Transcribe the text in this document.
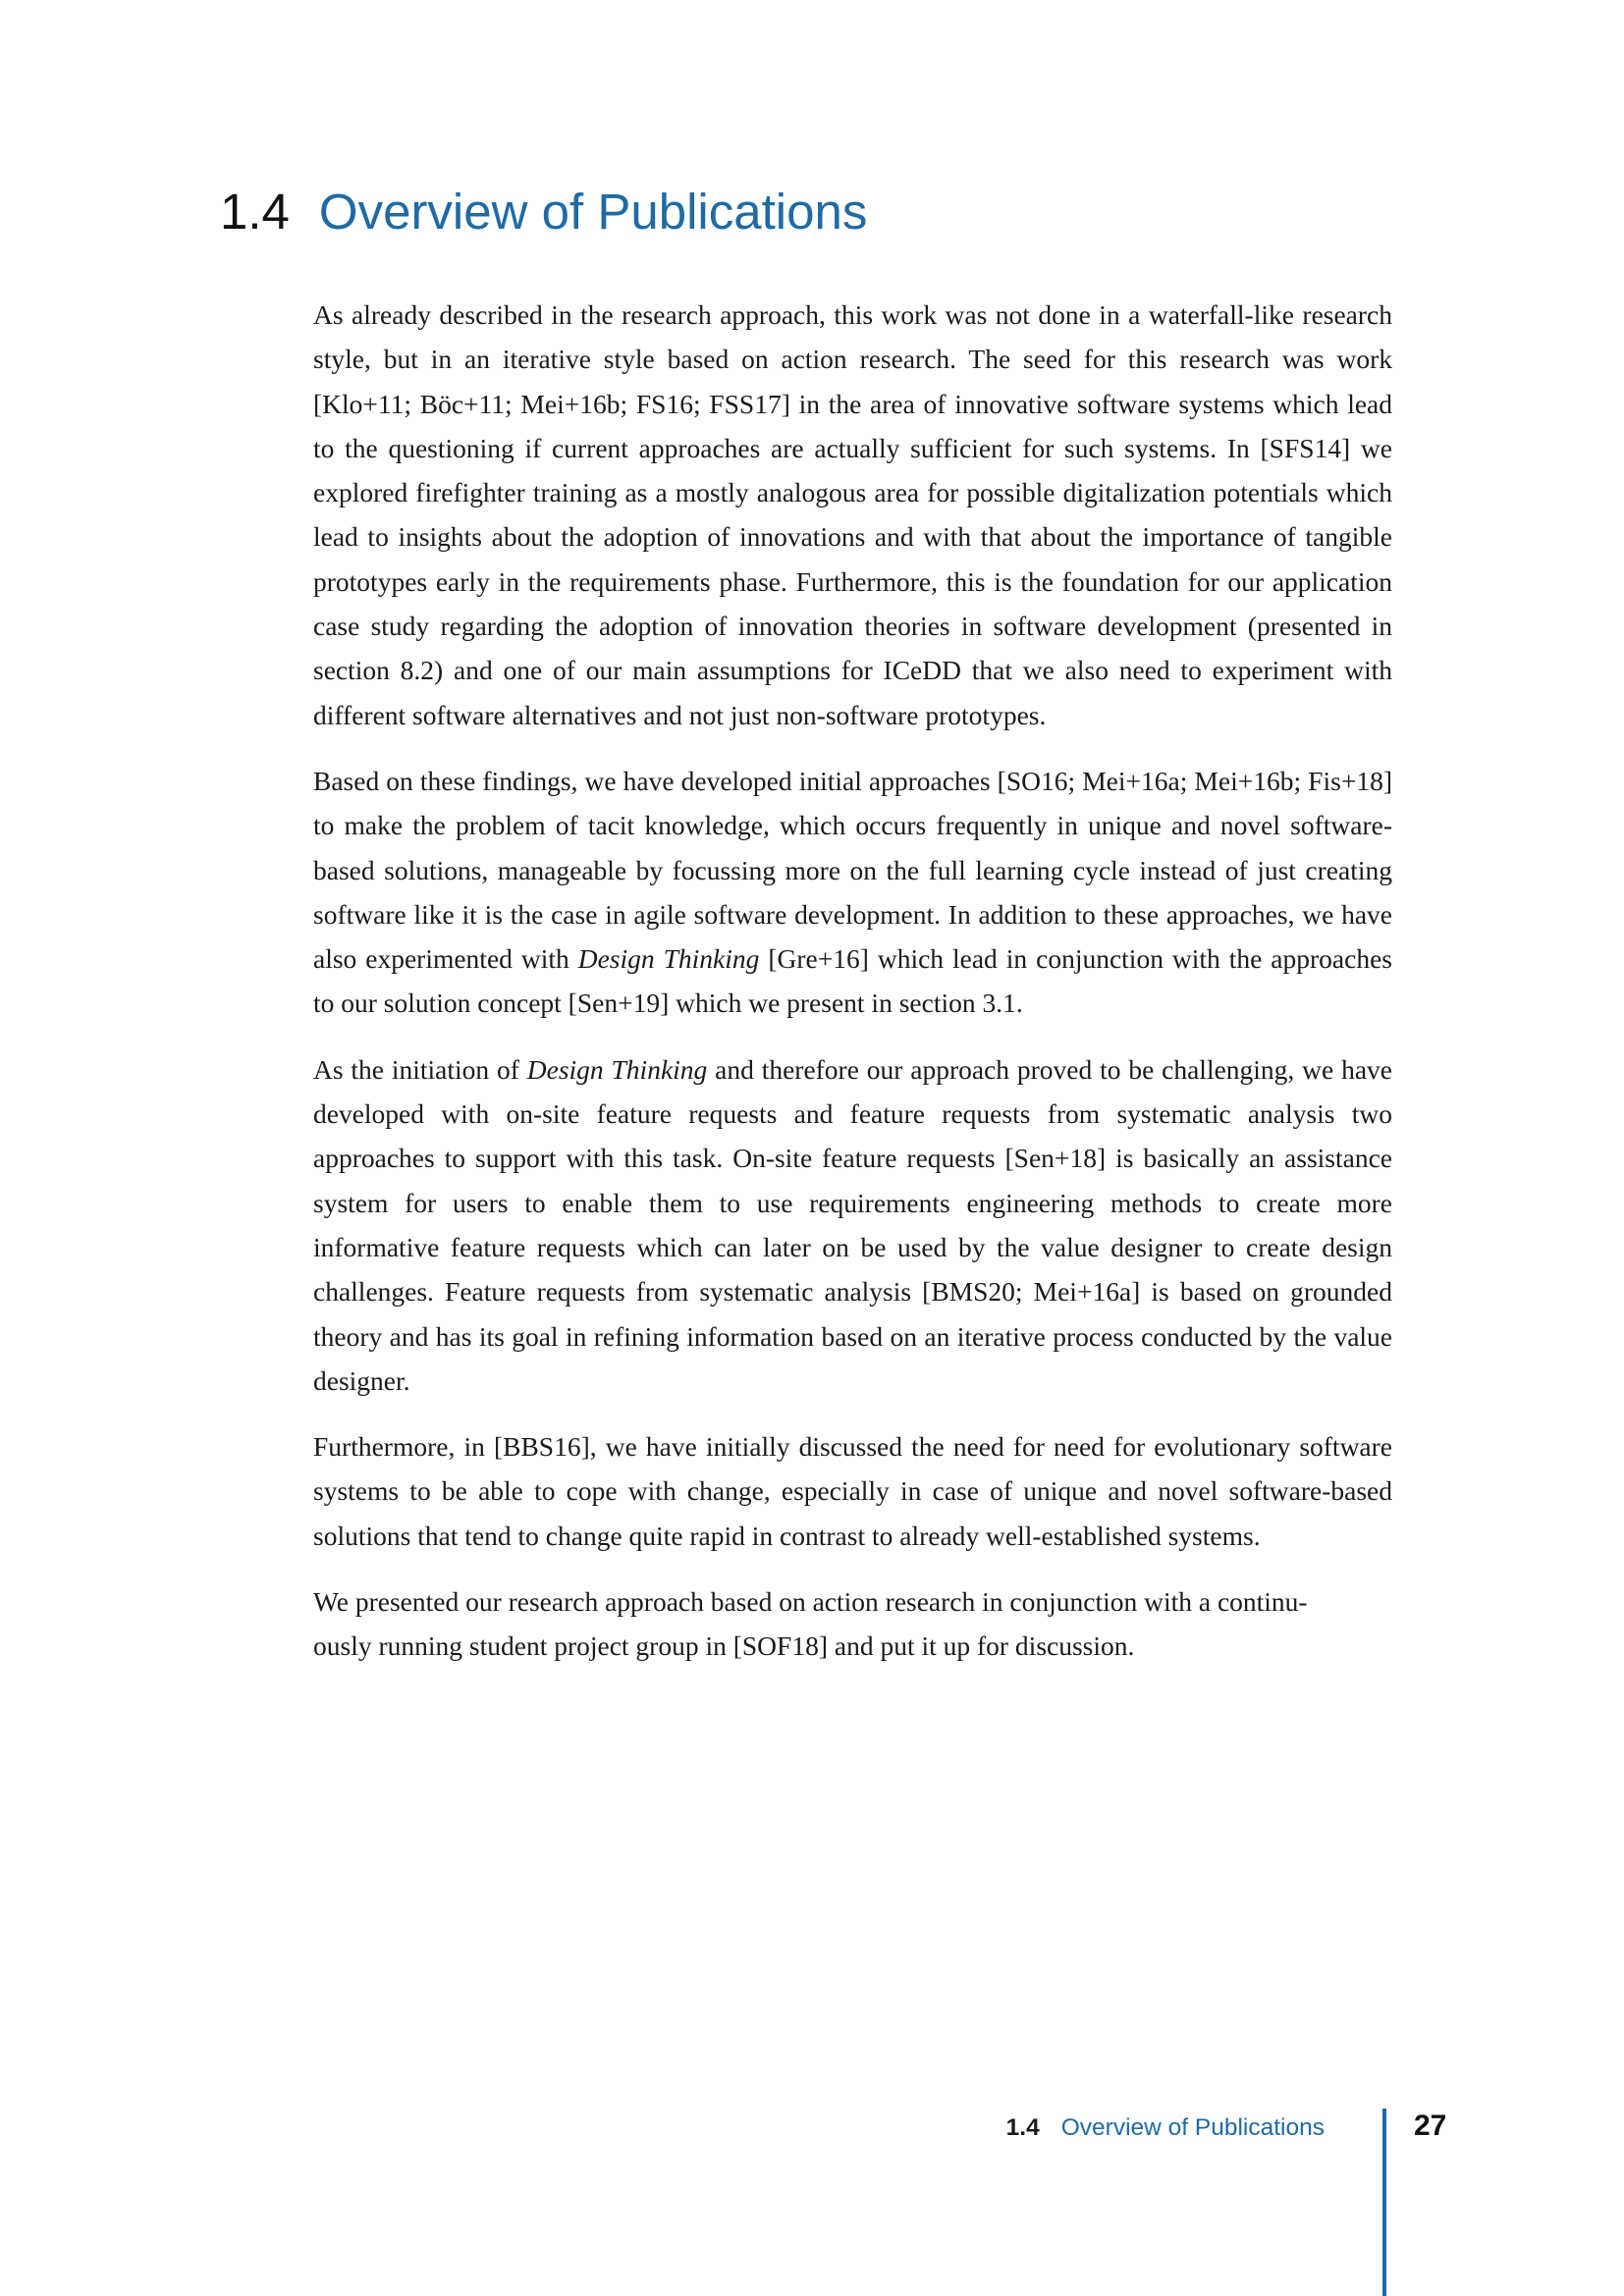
1.4 Overview of Publications

As already described in the research approach, this work was not done in a waterfall-like research style, but in an iterative style based on action research. The seed for this research was work [Klo+11; Böc+11; Mei+16b; FS16; FSS17] in the area of innovative software systems which lead to the questioning if current approaches are actually sufficient for such systems. In [SFS14] we explored firefighter training as a mostly analogous area for possible digitalization potentials which lead to insights about the adoption of innovations and with that about the importance of tangible prototypes early in the requirements phase. Furthermore, this is the foundation for our application case study regarding the adoption of innovation theories in software development (presented in section 8.2) and one of our main assumptions for ICeDD that we also need to experiment with different software alternatives and not just non-software prototypes.

Based on these findings, we have developed initial approaches [SO16; Mei+16a; Mei+16b; Fis+18] to make the problem of tacit knowledge, which occurs frequently in unique and novel software-based solutions, manageable by focussing more on the full learning cycle instead of just creating software like it is the case in agile software development. In addition to these approaches, we have also experimented with Design Thinking [Gre+16] which lead in conjunction with the approaches to our solution concept [Sen+19] which we present in section 3.1.

As the initiation of Design Thinking and therefore our approach proved to be challenging, we have developed with on-site feature requests and feature requests from systematic analysis two approaches to support with this task. On-site feature requests [Sen+18] is basically an assistance system for users to enable them to use requirements engineering methods to create more informative feature requests which can later on be used by the value designer to create design challenges. Feature requests from systematic analysis [BMS20; Mei+16a] is based on grounded theory and has its goal in refining information based on an iterative process conducted by the value designer.

Furthermore, in [BBS16], we have initially discussed the need for need for evolutionary software systems to be able to cope with change, especially in case of unique and novel software-based solutions that tend to change quite rapid in contrast to already well-established systems.

We presented our research approach based on action research in conjunction with a continu-
ously running student project group in [SOF18] and put it up for discussion.

1.4 Overview of Publications	27
